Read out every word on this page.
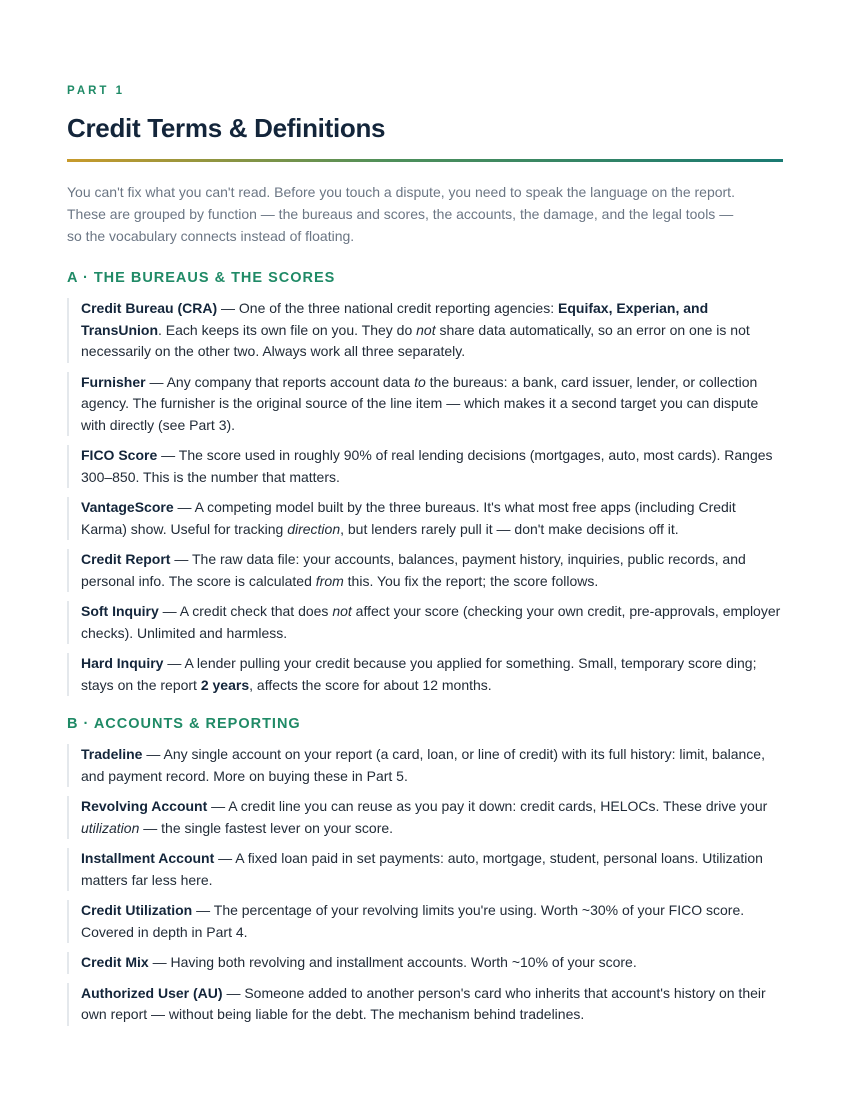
PART 1
Credit Terms & Definitions

You can't fix what you can't read. Before you touch a dispute, you need to speak the language on the report. These are grouped by function — the bureaus and scores, the accounts, the damage, and the legal tools — so the vocabulary connects instead of floating.

A · THE BUREAUS & THE SCORES

Credit Bureau (CRA) — One of the three national credit reporting agencies: Equifax, Experian, and TransUnion. Each keeps its own file on you. They do not share data automatically, so an error on one is not necessarily on the other two. Always work all three separately.

Furnisher — Any company that reports account data to the bureaus: a bank, card issuer, lender, or collection agency. The furnisher is the original source of the line item — which makes it a second target you can dispute with directly (see Part 3).

FICO Score — The score used in roughly 90% of real lending decisions (mortgages, auto, most cards). Ranges 300–850. This is the number that matters.

VantageScore — A competing model built by the three bureaus. It's what most free apps (including Credit Karma) show. Useful for tracking direction, but lenders rarely pull it — don't make decisions off it.

Credit Report — The raw data file: your accounts, balances, payment history, inquiries, public records, and personal info. The score is calculated from this. You fix the report; the score follows.

Soft Inquiry — A credit check that does not affect your score (checking your own credit, pre-approvals, employer checks). Unlimited and harmless.

Hard Inquiry — A lender pulling your credit because you applied for something. Small, temporary score ding; stays on the report 2 years, affects the score for about 12 months.

B · ACCOUNTS & REPORTING

Tradeline — Any single account on your report (a card, loan, or line of credit) with its full history: limit, balance, and payment record. More on buying these in Part 5.

Revolving Account — A credit line you can reuse as you pay it down: credit cards, HELOCs. These drive your utilization — the single fastest lever on your score.

Installment Account — A fixed loan paid in set payments: auto, mortgage, student, personal loans. Utilization matters far less here.

Credit Utilization — The percentage of your revolving limits you're using. Worth ~30% of your FICO score. Covered in depth in Part 4.

Credit Mix — Having both revolving and installment accounts. Worth ~10% of your score.

Authorized User (AU) — Someone added to another person's card who inherits that account's history on their own report — without being liable for the debt. The mechanism behind tradelines.
